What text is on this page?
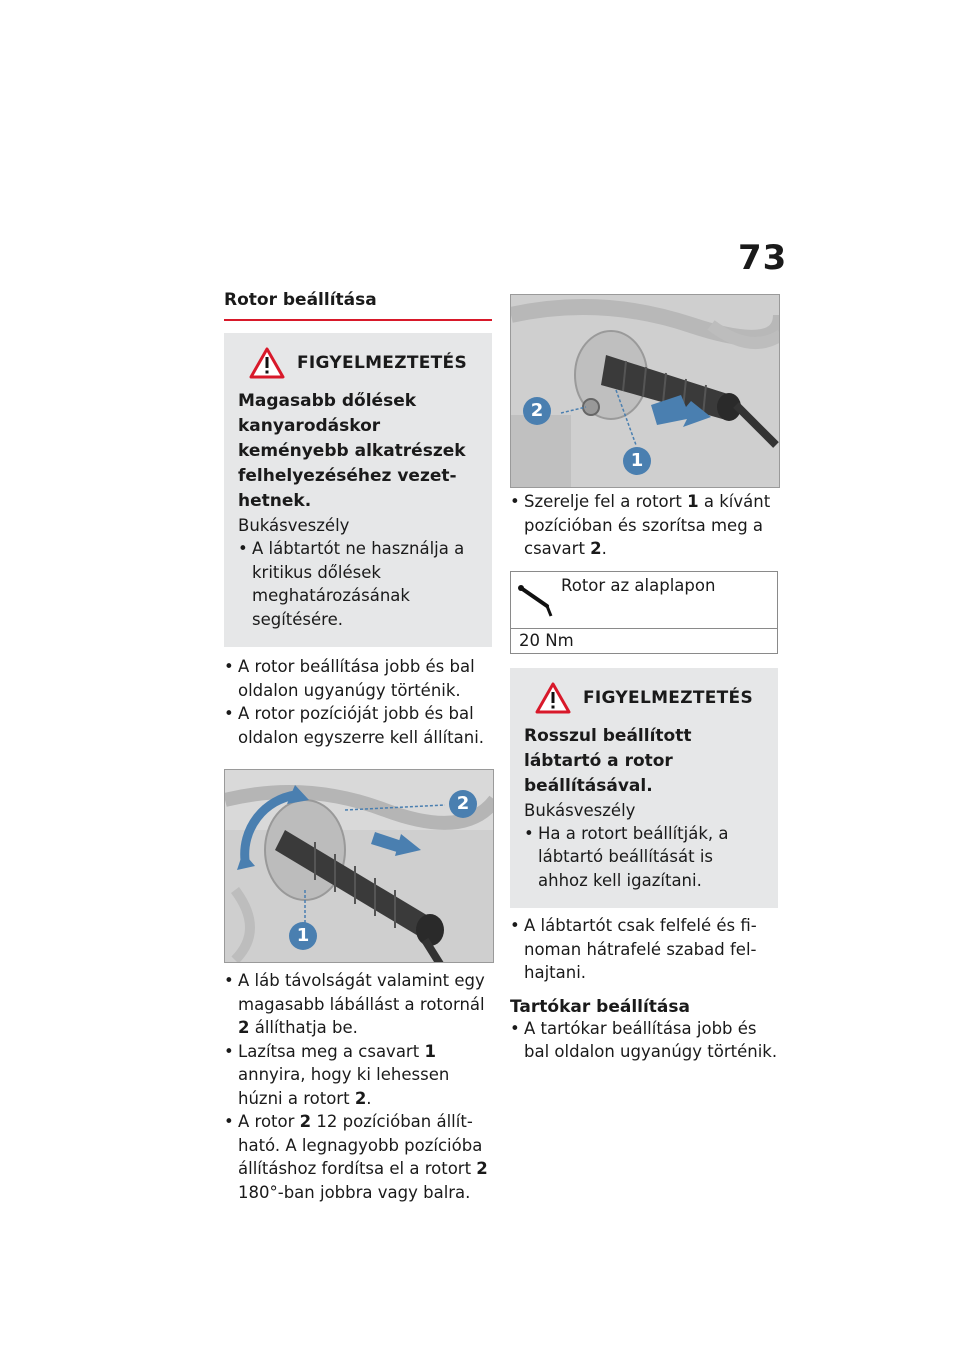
73
Rotor beállítása
FIGYELMEZTETÉS
Magasabb dőlések kanyarodáskor keményebb alkatrészek felhelyezéséhez vezethetnek.
Bukásveszély
• A lábtartót ne használja a kritikus dőlések meghatározásának segítésére.

• A rotor beállítása jobb és bal oldalon ugyanúgy történik.

• A rotor pozícióját jobb és bal oldalon egyszerre kell állítani.

2
1

• A láb távolságát valamint egy magasabb lábállást a rotornál 2 állíthatja be.

• Lazítsa meg a csavart 1 annyira, hogy ki lehessen húzni a rotort 2.

• A rotor 2 12 pozícióban állítható. A legnagyobb pozícióba állításhoz fordítsa el a rotort 2 180°-ban jobbra vagy balra.

2
1

• Szerelje fel a rotort 1 a kívánt pozícióban és szorítsa meg a csavart 2.

Rotor az alaplapon
20 Nm
FIGYELMEZTETÉS
Rosszul beállított lábtartó a rotor beállításával.
Bukásveszély
• Ha a rotort beállítják, a lábtartó beállítását is ahhoz kell igazítani.

• A lábtartót csak felfelé és finoman hátrafelé szabad felhajtani.

Tartókar beállítása

• A tartókar beállítása jobb és bal oldalon ugyanúgy történik.
